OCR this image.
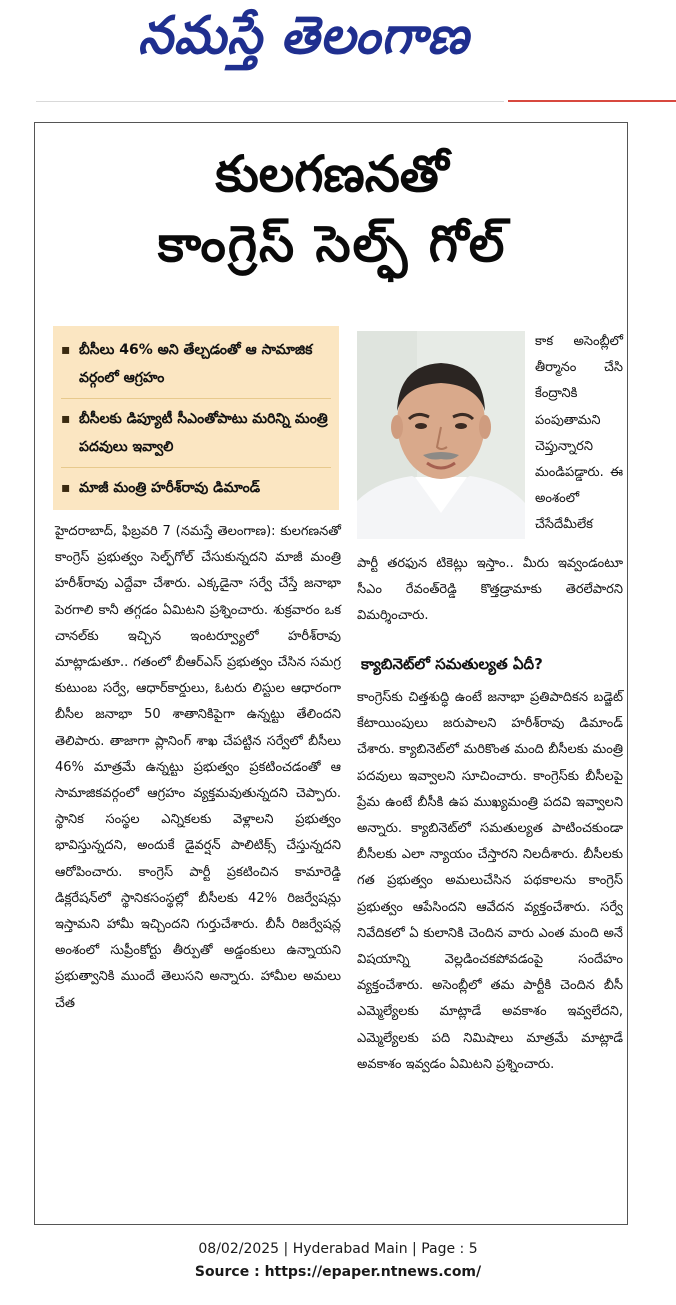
నమస్తే తెలంగాణ
కులగణనతో
కాంగ్రెస్ సెల్ఫ్ గోల్
▪ బీసీలు 46% అని తేల్చడంతో ఆ సామాజిక వర్గంలో ఆగ్రహం
▪ బీసీలకు డిప్యూటీ సీఎంతోపాటు మరిన్ని మంత్రి పదవులు ఇవ్వాలి
▪ మాజీ మంత్రి హరీశ్‌రావు డిమాండ్

హైదరాబాద్, ఫిబ్రవరి 7 (నమస్తే తెలంగాణ): కులగణనతో కాంగ్రెస్ ప్రభుత్వం సెల్ఫ్‌గోల్ చేసుకున్నదని మాజీ మంత్రి హరీశ్‌రావు ఎద్దేవా చేశారు. ఎక్కడైనా సర్వే చేస్తే జనాభా పెరగాలి కానీ తగ్గడం ఏమిటని ప్రశ్నించారు. శుక్రవారం ఒక చానల్‌కు ఇచ్చిన ఇంటర్వ్యూలో హరీశ్‌రావు మాట్లాడుతూ.. గతంలో బీఆర్‌ఎస్ ప్రభుత్వం చేసిన సమగ్ర కుటుంబ సర్వే, ఆధార్‌కార్డులు, ఓటరు లిస్టుల ఆధారంగా బీసీల జనాభా 50 శాతానికిపైగా ఉన్నట్టు తేలిందని తెలిపారు. తాజాగా ప్లానింగ్ శాఖ చేపట్టిన సర్వేలో బీసీలు 46% మాత్రమే ఉన్నట్టు ప్రభుత్వం ప్రకటించడంతో ఆ సామాజికవర్గంలో ఆగ్రహం వ్యక్తమవుతున్నదని చెప్పారు. స్థానిక సంస్థల ఎన్నికలకు వెళ్లాలని ప్రభుత్వం భావిస్తున్నదని, అందుకే డైవర్షన్ పాలిటిక్స్ చేస్తున్నదని ఆరోపించారు. కాంగ్రెస్ పార్టీ ప్రకటించిన కామారెడ్డి డిక్లరేషన్‌లో స్థానికసంస్థల్లో బీసీలకు 42% రిజర్వేషన్లు ఇస్తామని హామీ ఇచ్చిందని గుర్తుచేశారు. బీసీ రిజర్వేషన్ల అంశంలో సుప్రీంకోర్టు తీర్పుతో అడ్డంకులు ఉన్నాయని ప్రభుత్వానికి ముందే తెలుసని అన్నారు. హామీల అమలు చేత

కాక అసెంబ్లీలో తీర్మానం చేసి కేంద్రానికి పంపుతామని చెప్తున్నారని మండిపడ్డారు. ఈ అంశంలో చేసేదేమీలేక

పార్టీ తరఫున టికెట్లు ఇస్తాం.. మీరు ఇవ్వండంటూ సీఎం రేవంత్‌రెడ్డి కొత్తడ్రామాకు తెరలేపారని విమర్శించారు.

క్యాబినెట్‌లో సమతుల్యత ఏదీ?

కాంగ్రెస్‌కు చిత్తశుద్ధి ఉంటే జనాభా ప్రతిపాదికన బడ్జెట్ కేటాయింపులు జరుపాలని హరీశ్‌రావు డిమాండ్ చేశారు. క్యాబినెట్‌లో మరికొంత మంది బీసీలకు మంత్రి పదవులు ఇవ్వాలని సూచించారు. కాంగ్రెస్‌కు బీసీలపై ప్రేమ ఉంటే బీసీకి ఉప ముఖ్యమంత్రి పదవి ఇవ్వాలని అన్నారు. క్యాబినెట్‌లో సమతుల్యత పాటించకుండా బీసీలకు ఎలా న్యాయం చేస్తారని నిలదీశారు. బీసీలకు గత ప్రభుత్వం అమలుచేసిన పథకాలను కాంగ్రెస్ ప్రభుత్వం ఆపేసిందని ఆవేదన వ్యక్తంచేశారు. సర్వే నివేదికలో ఏ కులానికి చెందిన వారు ఎంత మంది అనే విషయాన్ని వెల్లడించకపోవడంపై సందేహం వ్యక్తంచేశారు. అసెంబ్లీలో తమ పార్టీకి చెందిన బీసీ ఎమ్మెల్యేలకు మాట్లాడే అవకాశం ఇవ్వలేదని, ఎమ్మెల్యేలకు పది నిమిషాలు మాత్రమే మాట్లాడే అవకాశం ఇవ్వడం ఏమిటని ప్రశ్నించారు.

08/02/2025 | Hyderabad Main | Page : 5
Source : https://epaper.ntnews.com/
